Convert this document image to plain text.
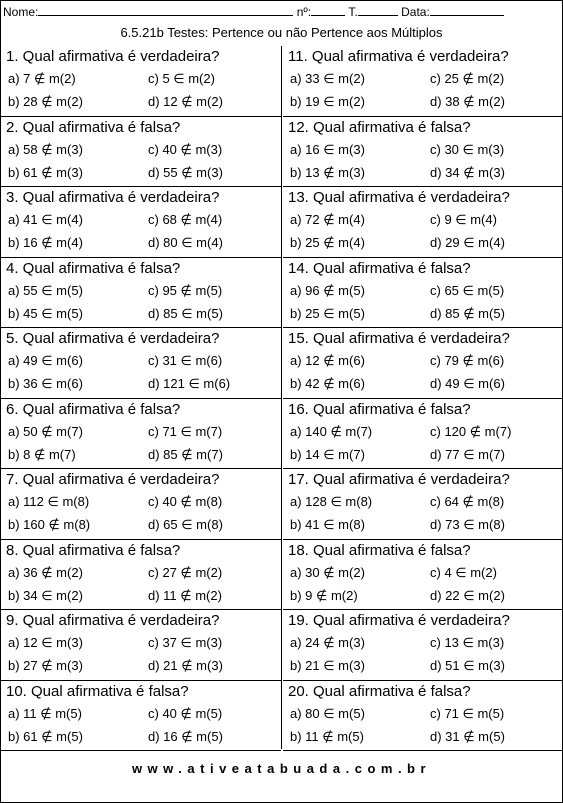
Nome:	nº:	T.	Data:
6.5.21b Testes: Pertence ou não Pertence aos Múltiplos
1. Qual afirmativa é verdadeira?
a) 7 ∉ m(2)	c) 5 ∈ m(2)
b) 28 ∉ m(2)	d) 12 ∉ m(2)
2. Qual afirmativa é falsa?
a) 58 ∉ m(3)	c) 40 ∉ m(3)
b) 61 ∉ m(3)	d) 55 ∉ m(3)
3. Qual afirmativa é verdadeira?
a) 41 ∈ m(4)	c) 68 ∉ m(4)
b) 16 ∉ m(4)	d) 80 ∈ m(4)
4. Qual afirmativa é falsa?
a) 55 ∈ m(5)	c) 95 ∉ m(5)
b) 45 ∈ m(5)	d) 85 ∈ m(5)
5. Qual afirmativa é verdadeira?
a) 49 ∈ m(6)	c) 31 ∈ m(6)
b) 36 ∈ m(6)	d) 121 ∈ m(6)
6. Qual afirmativa é falsa?
a) 50 ∉ m(7)	c) 71 ∈ m(7)
b) 8 ∉ m(7)	d) 85 ∉ m(7)
7. Qual afirmativa é verdadeira?
a) 112 ∈ m(8)	c) 40 ∉ m(8)
b) 160 ∉ m(8)	d) 65 ∈ m(8)
8. Qual afirmativa é falsa?
a) 36 ∉ m(2)	c) 27 ∉ m(2)
b) 34 ∈ m(2)	d) 11 ∉ m(2)
9. Qual afirmativa é verdadeira?
a) 12 ∈ m(3)	c) 37 ∈ m(3)
b) 27 ∉ m(3)	d) 21 ∉ m(3)
10. Qual afirmativa é falsa?
a) 11 ∉ m(5)	c) 40 ∉ m(5)
b) 61 ∉ m(5)	d) 16 ∉ m(5)
11. Qual afirmativa é verdadeira?
a) 33 ∈ m(2)	c) 25 ∉ m(2)
b) 19 ∈ m(2)	d) 38 ∉ m(2)
12. Qual afirmativa é falsa?
a) 16 ∈ m(3)	c) 30 ∈ m(3)
b) 13 ∉ m(3)	d) 34 ∉ m(3)
13. Qual afirmativa é verdadeira?
a) 72 ∉ m(4)	c) 9 ∈ m(4)
b) 25 ∉ m(4)	d) 29 ∈ m(4)
14. Qual afirmativa é falsa?
a) 96 ∉ m(5)	c) 65 ∈ m(5)
b) 25 ∈ m(5)	d) 85 ∉ m(5)
15. Qual afirmativa é verdadeira?
a) 12 ∉ m(6)	c) 79 ∉ m(6)
b) 42 ∉ m(6)	d) 49 ∈ m(6)
16. Qual afirmativa é falsa?
a) 140 ∉ m(7)	c) 120 ∉ m(7)
b) 14 ∈ m(7)	d) 77 ∈ m(7)
17. Qual afirmativa é verdadeira?
a) 128 ∈ m(8)	c) 64 ∉ m(8)
b) 41 ∈ m(8)	d) 73 ∈ m(8)
18. Qual afirmativa é falsa?
a) 30 ∉ m(2)	c) 4 ∈ m(2)
b) 9 ∉ m(2)	d) 22 ∈ m(2)
19. Qual afirmativa é verdadeira?
a) 24 ∉ m(3)	c) 13 ∈ m(3)
b) 21 ∈ m(3)	d) 51 ∈ m(3)
20. Qual afirmativa é falsa?
a) 80 ∈ m(5)	c) 71 ∈ m(5)
b) 11 ∉ m(5)	d) 31 ∉ m(5)
www.ativeatabuada.com.br
